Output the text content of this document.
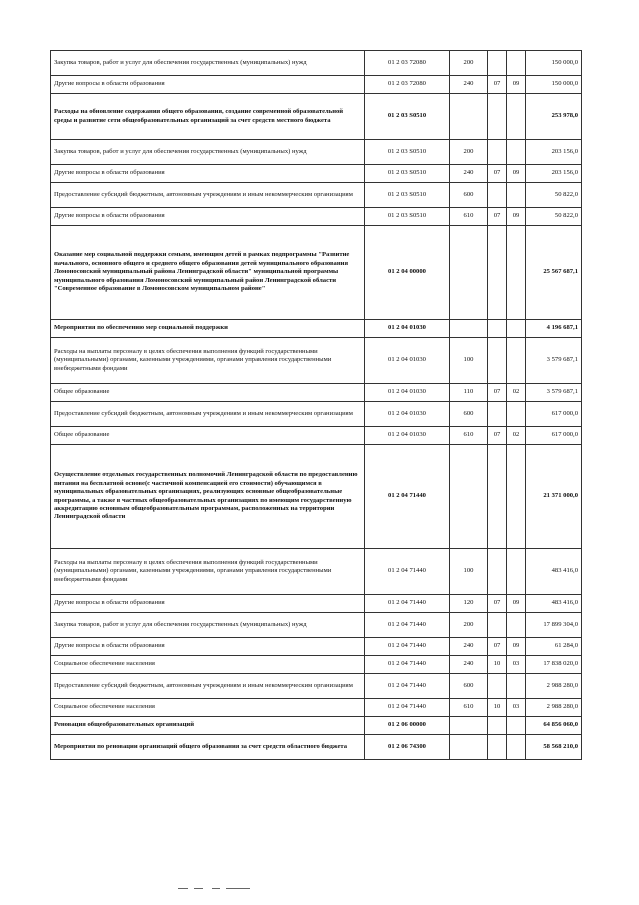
Закупка товаров, работ и услуг для обеспечения государственных (муниципальных) нужд	01 2 03 72080	200			150 000,0
Другие вопросы в области образования	01 2 03 72080	240	07	09	150 000,0
Расходы на обновление содержания общего образования, создание современной образовательной среды и развитие сети общеобразовательных организаций за счет средств местного бюджета	01 2 03 S0510				253 978,0
Закупка товаров, работ и услуг для обеспечения государственных (муниципальных) нужд	01 2 03 S0510	200			203 156,0
Другие вопросы в области образования	01 2 03 S0510	240	07	09	203 156,0
Предоставление субсидий бюджетным, автономным учреждениям и иным некоммерческим организациям	01 2 03 S0510	600			50 822,0
Другие вопросы в области образования	01 2 03 S0510	610	07	09	50 822,0
Оказание мер социальной поддержки семьям, имеющим детей в рамках подпрограммы "Развитие начального, основного общего и среднего общего образования детей муниципального образования Ломоносовский муниципальный района Ленинградской области" муниципальной программы муниципального образования Ломоносовский муниципальный район Ленинградской области "Современное образование в Ломоносовском муниципальном районе"	01 2 04 00000				25 567 687,1
Мероприятия по обеспечению мер социальной поддержки	01 2 04 01030				4 196 687,1
Расходы на выплаты персоналу в целях обеспечения выполнения функций государственными (муниципальными) органами, казенными учреждениями, органами управления государственными внебюджетными фондами	01 2 04 01030	100			3 579 687,1
Общее образование	01 2 04 01030	110	07	02	3 579 687,1
Предоставление субсидий бюджетным, автономным учреждениям и иным некоммерческим организациям	01 2 04 01030	600			617 000,0
Общее образование	01 2 04 01030	610	07	02	617 000,0
Осуществление отдельных государственных полномочий Ленинградской области по предоставлению питания на бесплатной основе(с частичной компенсацией его стоимости) обучающимся в муниципальных образовательных организациях, реализующих основные общеобразовательные программы, а также в частных общеобразовательных организациях по имеющим государственную аккредитацию основным общеобразовательным программам, расположенных на территории Ленинградской области	01 2 04 71440				21 371 000,0
Расходы на выплаты персоналу в целях обеспечения выполнения функций государственными (муниципальными) органами, казенными учреждениями, органами управления государственными внебюджетными фондами	01 2 04 71440	100			483 416,0
Другие вопросы в области образования	01 2 04 71440	120	07	09	483 416,0
Закупка товаров, работ и услуг для обеспечения государственных (муниципальных) нужд	01 2 04 71440	200			17 899 304,0
Другие вопросы в области образования	01 2 04 71440	240	07	09	61 284,0
Социальное обеспечение населения	01 2 04 71440	240	10	03	17 838 020,0
Предоставление субсидий бюджетным, автономным учреждениям и иным некоммерческим организациям	01 2 04 71440	600			2 988 280,0
Социальное обеспечение населения	01 2 04 71440	610	10	03	2 988 280,0
Реновация общеобразовательных организаций	01 2 06 00000				64 856 060,0
Мероприятия по реновации организаций общего образования за счет средств областного бюджета	01 2 06 74300				58 568 210,0
